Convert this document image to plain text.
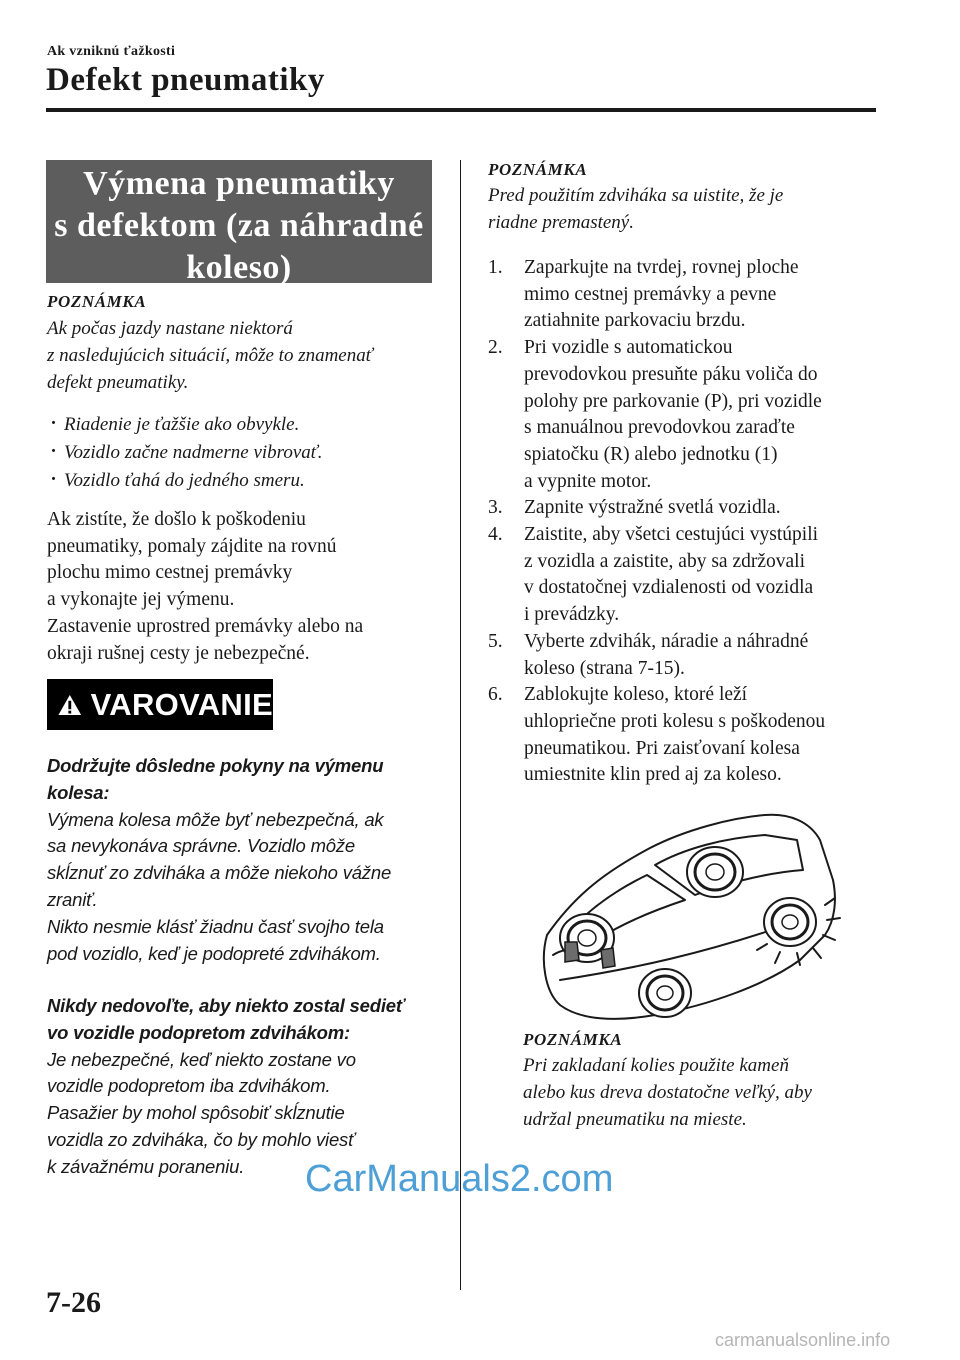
Ak vzniknú ťažkosti
Defekt pneumatiky
Výmena pneumatiky
s defektom (za náhradné
koleso)
POZNÁMKA
Ak počas jazdy nastane niektorá
z nasledujúcich situácií, môže to znamenať
defekt pneumatiky.
· Riadenie je ťažšie ako obvykle.
· Vozidlo začne nadmerne vibrovať.
· Vozidlo ťahá do jedného smeru.
Ak zistíte, že došlo k poškodeniu
pneumatiky, pomaly zájdite na rovnú
plochu mimo cestnej premávky
a vykonajte jej výmenu.
Zastavenie uprostred premávky alebo na
okraji rušnej cesty je nebezpečné.
VAROVANIE
Dodržujte dôsledne pokyny na výmenu
kolesa:
Výmena kolesa môže byť nebezpečná, ak
sa nevykonáva správne. Vozidlo môže
skĺznuť zo zdviháka a môže niekoho vážne
zraniť.
Nikto nesmie klásť žiadnu časť svojho tela
pod vozidlo, keď je podopreté zdvihákom.
Nikdy nedovoľte, aby niekto zostal sedieť
vo vozidle podopretom zdvihákom:
Je nebezpečné, keď niekto zostane vo
vozidle podopretom iba zdvihákom.
Pasažier by mohol spôsobiť skĺznutie
vozidla zo zdviháka, čo by mohlo viesť
k závažnému poraneniu.
POZNÁMKA
Pred použitím zdviháka sa uistite, že je
riadne premastený.
1. Zaparkujte na tvrdej, rovnej ploche
mimo cestnej premávky a pevne
zatiahnite parkovaciu brzdu.
2. Pri vozidle s automatickou
prevodovkou presuňte páku voliča do
polohy pre parkovanie (P), pri vozidle
s manuálnou prevodovkou zaraďte
spiatočku (R) alebo jednotku (1)
a vypnite motor.
3. Zapnite výstražné svetlá vozidla.
4. Zaistite, aby všetci cestujúci vystúpili
z vozidla a zaistite, aby sa zdržovali
v dostatočnej vzdialenosti od vozidla
i prevádzky.
5. Vyberte zdvihák, náradie a náhradné
koleso (strana 7-15).
6. Zablokujte koleso, ktoré leží
uhlopriečne proti kolesu s poškodenou
pneumatikou. Pri zaisťovaní kolesa
umiestnite klin pred aj za koleso.
POZNÁMKA
Pri zakladaní kolies použite kameň
alebo kus dreva dostatočne veľký, aby
udržal pneumatiku na mieste.
7-26
CarManuals2.com
carmanualsonline.info
